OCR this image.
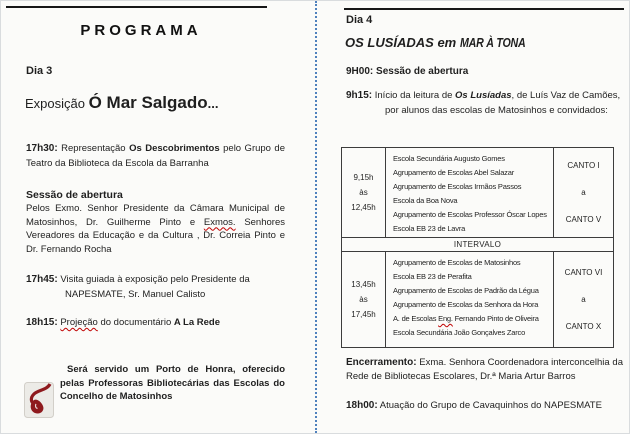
PROGRAMA
Dia 3
Exposição Ó Mar Salgado...
17h30: Representação Os Descobrimentos pelo Grupo de Teatro da Biblioteca da Escola da Barranha
Sessão de abertura
Pelos Exmo. Senhor Presidente da Câmara Municipal de Matosinhos, Dr. Guilherme Pinto e Exmos. Senhores Vereadores da Educação e da Cultura , Dr. Correia Pinto e Dr. Fernando Rocha
17h45: Visita guiada à exposição pelo Presidente da
NAPESMATE, Sr. Manuel Calisto
18h15: Projeção do documentário A La Rede
Será servido um Porto de Honra, oferecido pelas Professoras Bibliotecárias das Escolas do Concelho de Matosinhos
Dia 4
OS LUSÍADAS em MAR À TONA
9H00: Sessão de abertura
9h15: Início da leitura de Os Lusíadas, de Luís Vaz de Camões,
por alunos das escolas de Matosinhos e convidados:
9,15h
às
12,45h
Escola Secundária Augusto Gomes
Agrupamento de Escolas Abel Salazar
Agrupamento de Escolas Irmãos Passos
Escola da Boa Nova
Agrupamento de Escolas Professor Óscar Lopes
Escola EB 23 de Lavra
CANTO I
a
CANTO V
INTERVALO
13,45h
às
17,45h
Agrupamento de Escolas de Matosinhos
Escola EB 23 de Perafita
Agrupamento de Escolas de Padrão da Légua
Agrupamento de Escolas da Senhora da Hora
A. de Escolas Eng. Fernando Pinto de Oliveira
Escola Secundária João Gonçalves Zarco
CANTO VI
a
CANTO X
Encerramento: Exma. Senhora Coordenadora interconcelhia da Rede de Bibliotecas Escolares, Dr.ª Maria Artur Barros
18h00: Atuação do Grupo de Cavaquinhos do NAPESMATE
